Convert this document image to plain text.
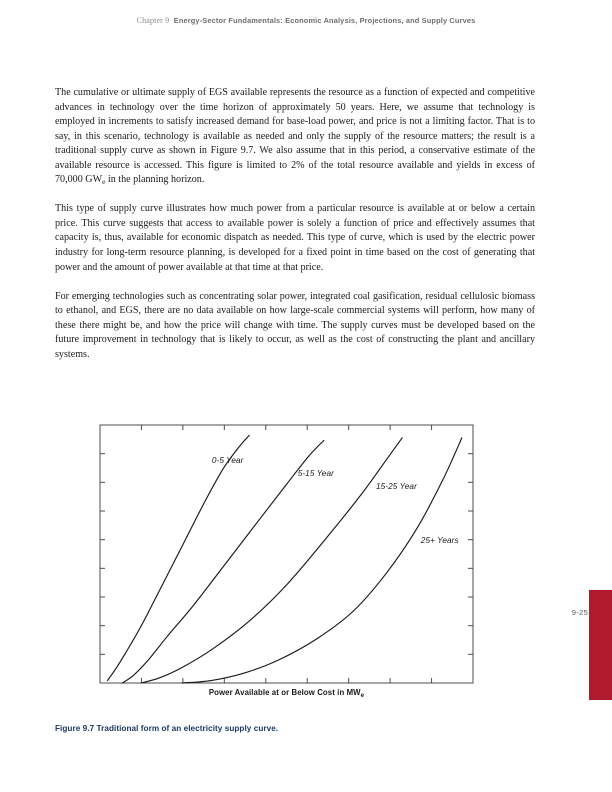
Chapter 9 Energy-Sector Fundamentals: Economic Analysis, Projections, and Supply Curves

The cumulative or ultimate supply of EGS available represents the resource as a function of expected and competitive advances in technology over the time horizon of approximately 50 years. Here, we assume that technology is employed in increments to satisfy increased demand for base-load power, and price is not a limiting factor. That is to say, in this scenario, technology is available as needed and only the supply of the resource matters; the result is a traditional supply curve as shown in Figure 9.7. We also assume that in this period, a conservative estimate of the available resource is accessed. This figure is limited to 2% of the total resource available and yields in excess of 70,000 $GW_e$ in the planning horizon.

This type of supply curve illustrates how much power from a particular resource is available at or below a certain price. This curve suggests that access to available power is solely a function of price and effectively assumes that capacity is, thus, available for economic dispatch as needed. This type of curve, which is used by the electric power industry for long-term resource planning, is developed for a fixed point in time based on the cost of generating that power and the amount of power available at that time at that price.

For emerging technologies such as concentrating solar power, integrated coal gasification, residual cellulosic biomass to ethanol, and EGS, there are no data available on how large-scale commercial systems will perform, how many of these there might be, and how the price will change with time. The supply curves must be developed based on the future improvement in technology that is likely to occur, as well as the cost of constructing the plant and ancillary systems.

0-5 Year
5-15 Year
15-25 Year
25+ Years
Power Available at or Below Cost in $MW_e$
Figure 9.7 Traditional form of an electricity supply curve.
9-25
